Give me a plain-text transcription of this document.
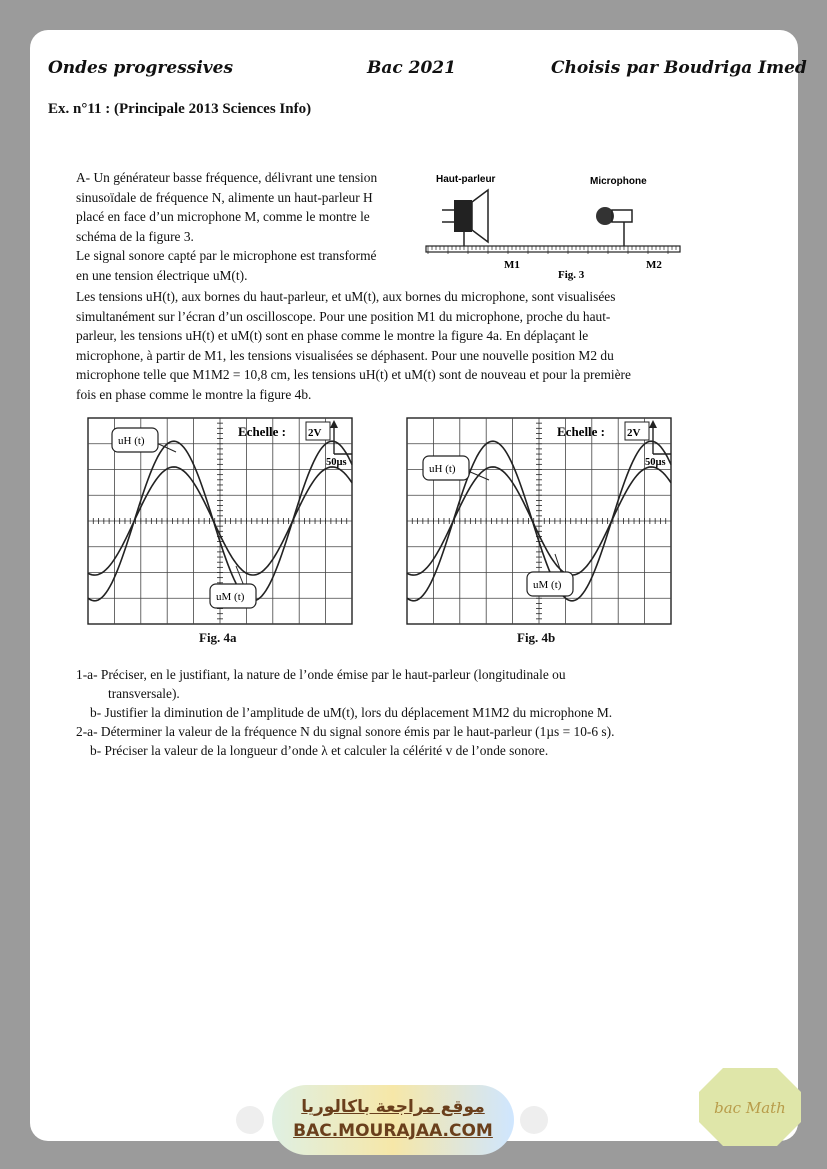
Ondes progressives	Bac 2021	Choisis par Boudriga Imed
Ex. n°11 : (Principale 2013 Sciences Info)

A- Un générateur basse fréquence, délivrant une tension

sinusoïdale de fréquence N, alimente un haut-parleur H

placé en face d’un microphone M, comme le montre le

schéma de la figure 3.

Le signal sonore capté par le microphone est transformé

en une tension électrique uM(t).

Haut-parleur	Microphone
M1	M2
Fig. 3

Les tensions uH(t), aux bornes du haut-parleur, et uM(t), aux bornes du microphone, sont visualisées

simultanément sur l’écran d’un oscilloscope. Pour une position M1 du microphone, proche du haut-

parleur, les tensions uH(t) et uM(t) sont en phase comme le montre la figure 4a. En déplaçant le

microphone, à partir de M1, les tensions visualisées se déphasent. Pour une nouvelle position M2 du

microphone telle que M1M2 = 10,8 cm, les tensions uH(t) et uM(t) sont de nouveau et pour la première

fois en phase comme le montre la figure 4b.

Echelle : 2V
50µs
uH (t)
uM (t)
Fig. 4a
Echelle : 2V
50µs
uH (t)
uM (t)
Fig. 4b
1-a- Préciser, en le justifiant, la nature de l’onde émise par le haut-parleur (longitudinale ou
transversale).
b- Justifier la diminution de l’amplitude de uM(t), lors du déplacement M1M2 du microphone M.
2-a- Déterminer la valeur de la fréquence N du signal sonore émis par le haut-parleur (1µs = 10-6 s).
b- Préciser la valeur de la longueur d’onde λ et calculer la célérité v de l’onde sonore.
موقع مراجعة باكالوريا
BAC.MOURAJAA.COM
bac Math
